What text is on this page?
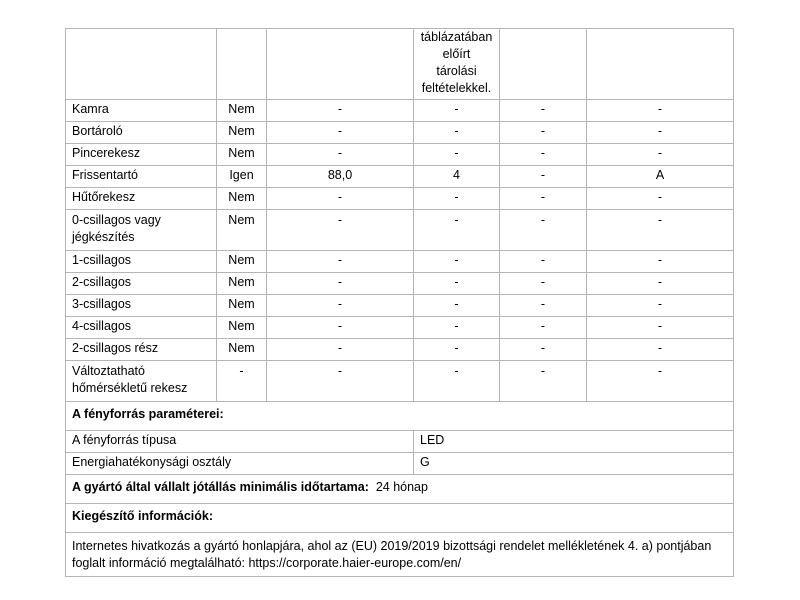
			táblázatában
előírt
tárolási
feltételekkel.		
Kamra	Nem	-	-	-	-
Bortároló	Nem	-	-	-	-
Pincerekesz	Nem	-	-	-	-
Frissentartó	Igen	88,0	4	-	A
Hűtőrekesz	Nem	-	-	-	-
0-csillagos vagy jégkészítés	Nem	-	-	-	-
1-csillagos	Nem	-	-	-	-
2-csillagos	Nem	-	-	-	-
3-csillagos	Nem	-	-	-	-
4-csillagos	Nem	-	-	-	-
2-csillagos rész	Nem	-	-	-	-
Változtatható hőmérsékletű rekesz	-	-	-	-	-
A fényforrás paraméterei:					
A fényforrás típusa			LED		
Energiahatékonysági osztály			G		
A gyártó által vállalt jótállás minimális időtartama: 24 hónap					
Kiegészítő információk:					
Internetes hivatkozás a gyártó honlapjára, ahol az (EU) 2019/2019 bizottsági rendelet mellékletének 4. a) pontjában foglalt információ megtalálható: https://corporate.haier-europe.com/en/					
